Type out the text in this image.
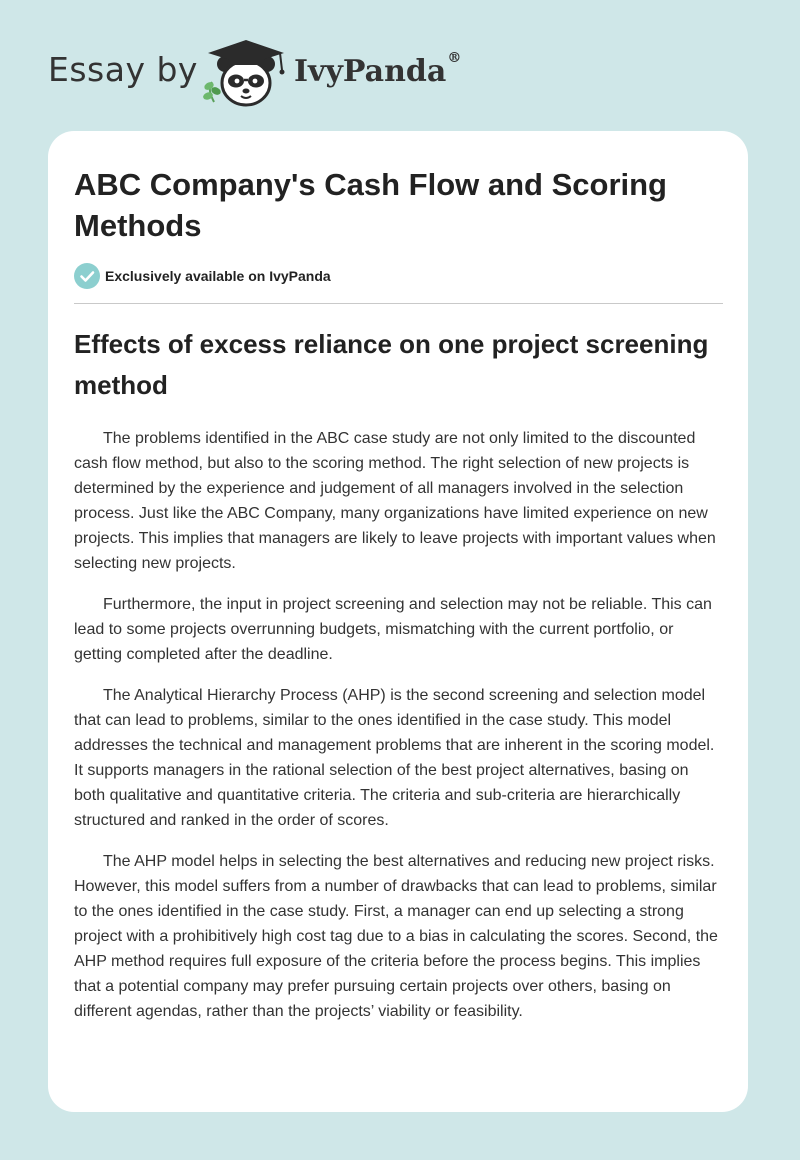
Essay by	IvyPanda®
ABC Company's Cash Flow and Scoring Methods
Exclusively available on IvyPanda
Effects of excess reliance on one project screening method

The problems identified in the ABC case study are not only limited to the discounted cash flow method, but also to the scoring method. The right selection of new projects is determined by the experience and judgement of all managers involved in the selection process. Just like the ABC Company, many organizations have limited experience on new projects. This implies that managers are likely to leave projects with important values when selecting new projects.

Furthermore, the input in project screening and selection may not be reliable. This can lead to some projects overrunning budgets, mismatching with the current portfolio, or getting completed after the deadline.

The Analytical Hierarchy Process (AHP) is the second screening and selection model that can lead to problems, similar to the ones identified in the case study. This model addresses the technical and management problems that are inherent in the scoring model. It supports managers in the rational selection of the best project alternatives, basing on both qualitative and quantitative criteria. The criteria and sub-criteria are hierarchically structured and ranked in the order of scores.

The AHP model helps in selecting the best alternatives and reducing new project risks. However, this model suffers from a number of drawbacks that can lead to problems, similar to the ones identified in the case study. First, a manager can end up selecting a strong project with a prohibitively high cost tag due to a bias in calculating the scores. Second, the AHP method requires full exposure of the criteria before the process begins. This implies that a potential company may prefer pursuing certain projects over others, basing on different agendas, rather than the projects’ viability or feasibility.
